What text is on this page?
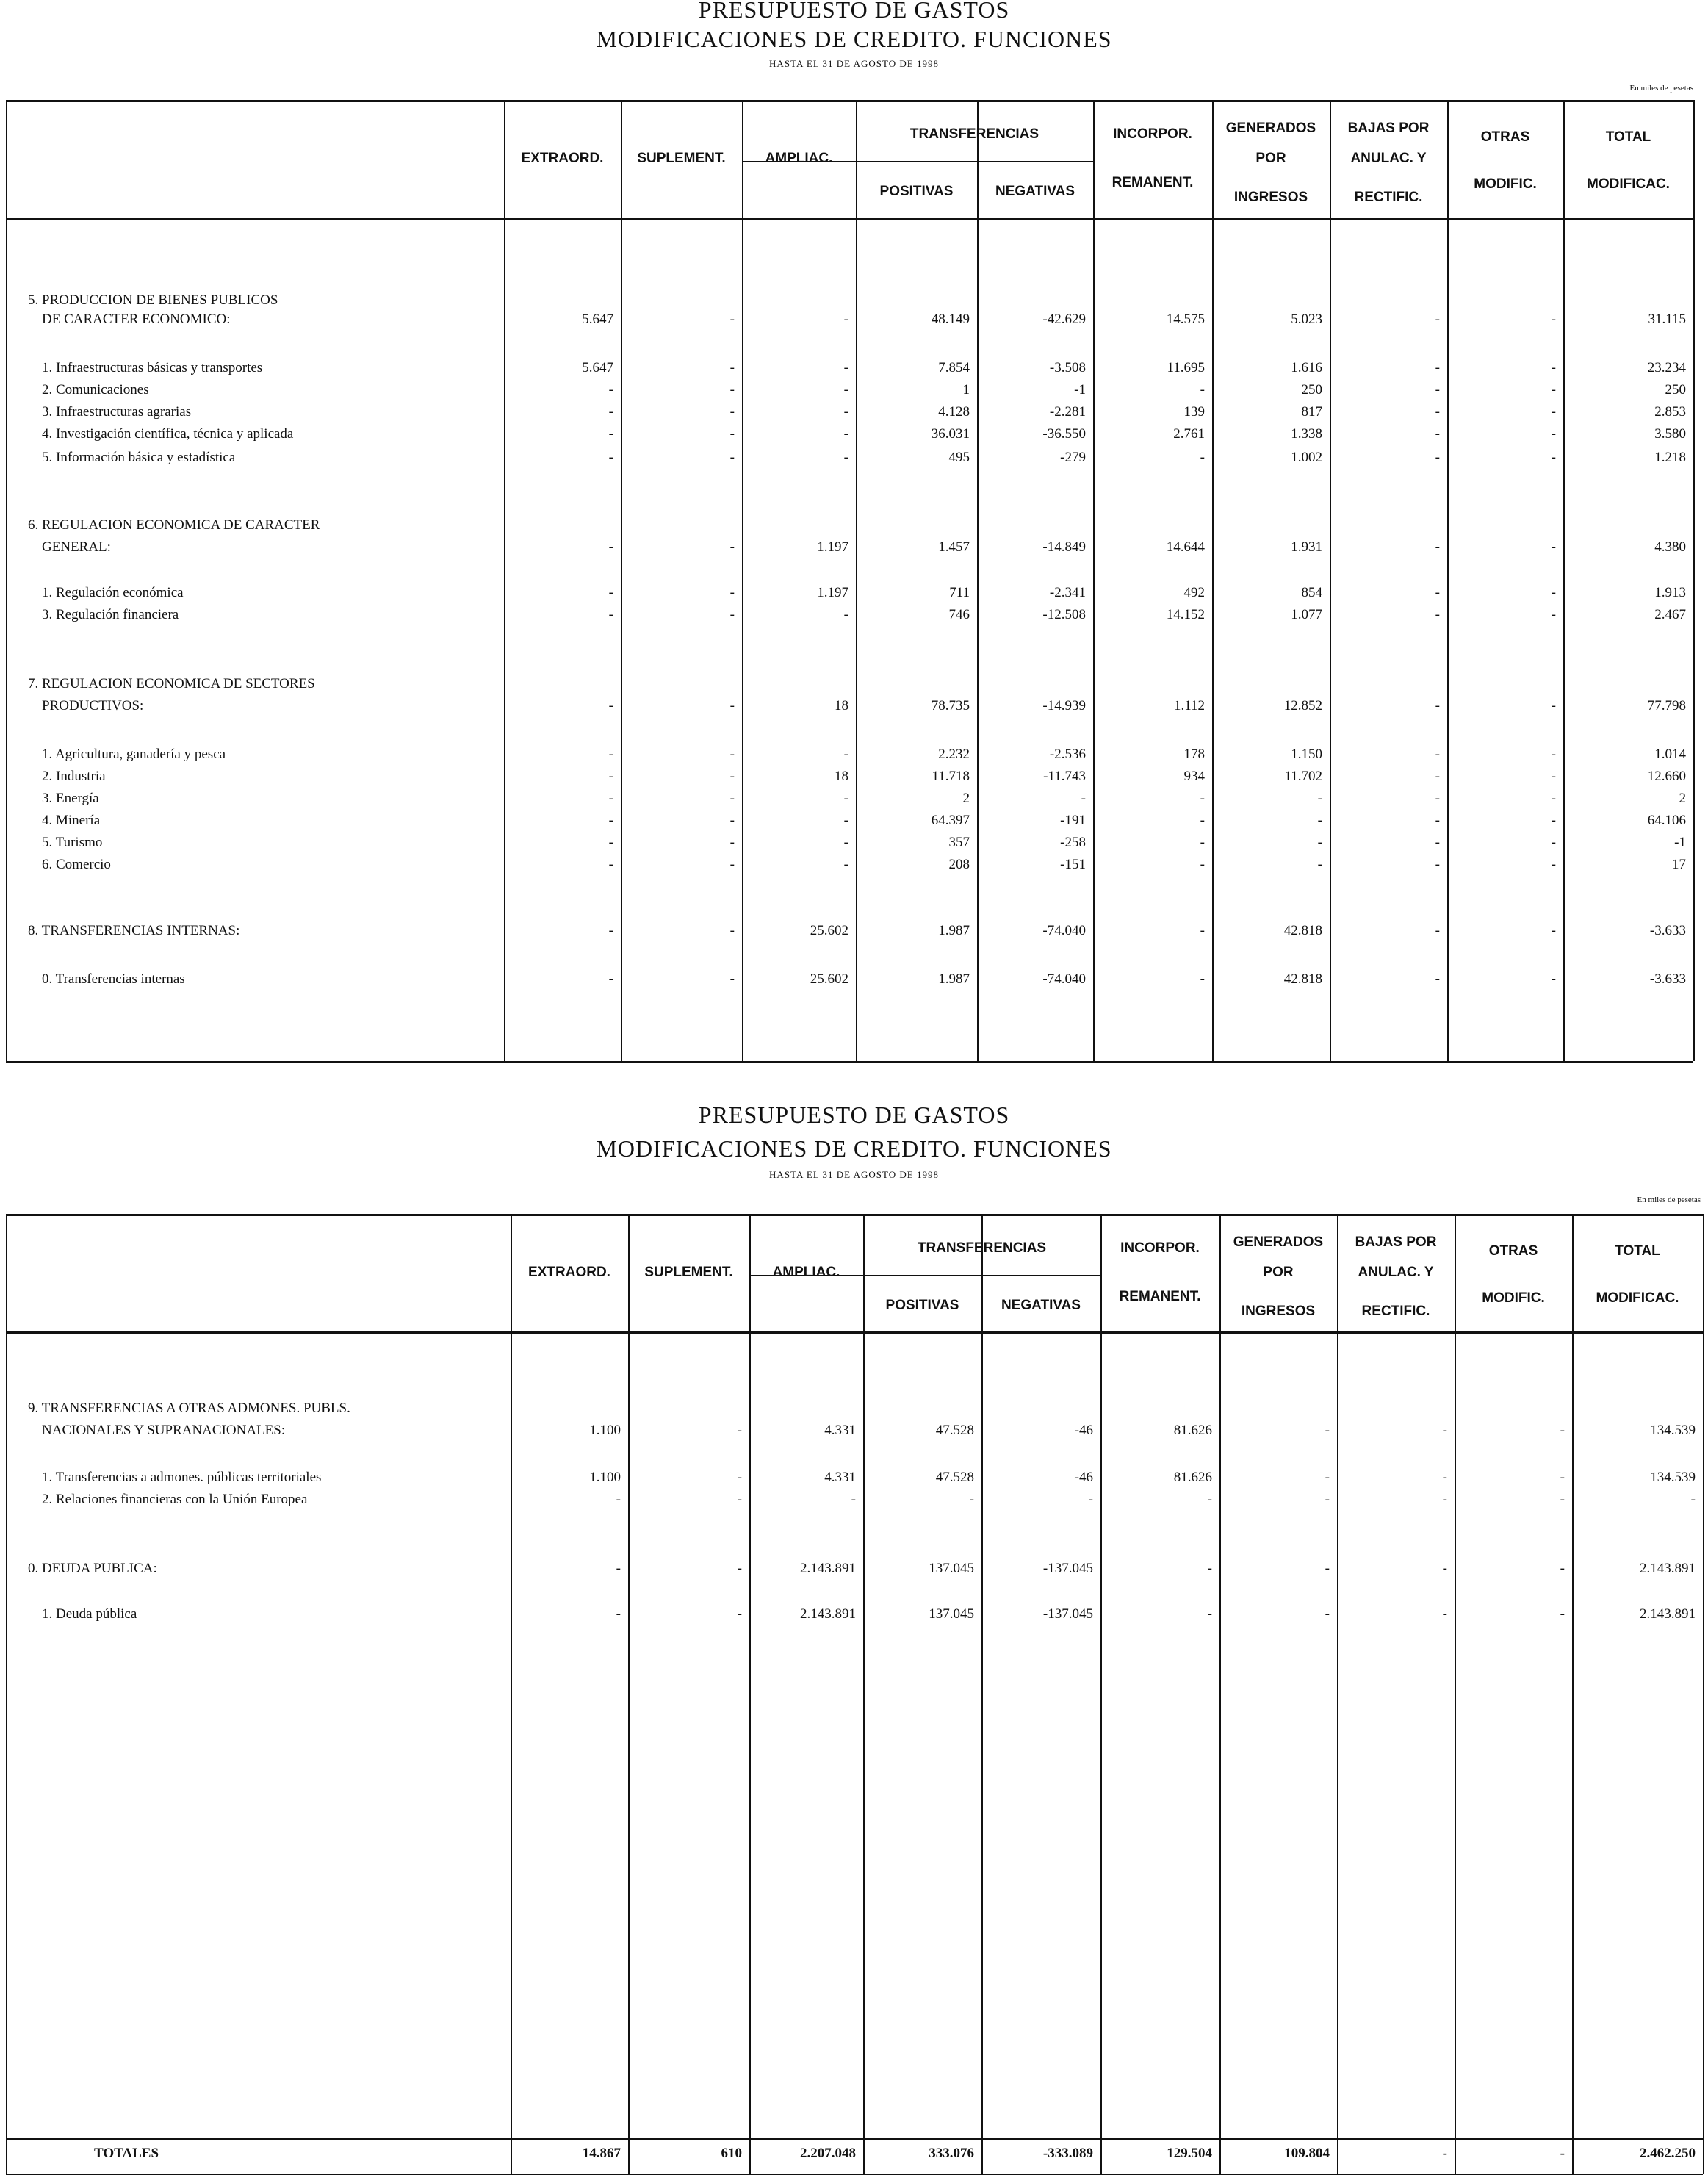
PRESUPUESTO DE GASTOS
MODIFICACIONES DE CREDITO. FUNCIONES
HASTA EL 31 DE AGOSTO DE 1998
En miles de pesetas
PRESUPUESTO DE GASTOS
MODIFICACIONES DE CREDITO. FUNCIONES
HASTA EL 31 DE AGOSTO DE 1998
En miles de pesetas
EXTRAORD.	SUPLEMENT.	AMPLIAC.
TRANSFERENCIAS
POSITIVAS	NEGATIVAS
INCORPOR.
REMANENT.
GENERADOS
POR
INGRESOS
BAJAS POR
ANULAC. Y
RECTIFIC.
OTRAS
MODIFIC.
TOTAL
MODIFICAC.
5. PRODUCCION DE BIENES PUBLICOS
DE CARACTER ECONOMICO:	5.647	-	-	48.149	-42.629	14.575	5.023	-	-	31.115
1. Infraestructuras básicas y transportes	5.647	-	-	7.854	-3.508	11.695	1.616	-	-	23.234
2. Comunicaciones	-	-	-	1	-1	-	250	-	-	250
3. Infraestructuras agrarias	-	-	-	4.128	-2.281	139	817	-	-	2.853
4. Investigación científica, técnica y aplicada	-	-	-	36.031	-36.550	2.761	1.338	-	-	3.580
5. Información básica y estadística	-	-	-	495	-279	-	1.002	-	-	1.218
6. REGULACION ECONOMICA DE CARACTER
GENERAL:	-	-	1.197	1.457	-14.849	14.644	1.931	-	-	4.380
1. Regulación económica	-	-	1.197	711	-2.341	492	854	-	-	1.913
3. Regulación financiera	-	-	-	746	-12.508	14.152	1.077	-	-	2.467
7. REGULACION ECONOMICA DE SECTORES
PRODUCTIVOS:	-	-	18	78.735	-14.939	1.112	12.852	-	-	77.798
1. Agricultura, ganadería y pesca	-	-	-	2.232	-2.536	178	1.150	-	-	1.014
2. Industria	-	-	18	11.718	-11.743	934	11.702	-	-	12.660
3. Energía	-	-	-	2	-	-	-	-	-	2
4. Minería	-	-	-	64.397	-191	-	-	-	-	64.106
5. Turismo	-	-	-	357	-258	-	-	-	-	-1
6. Comercio	-	-	-	208	-151	-	-	-	-	17
8. TRANSFERENCIAS INTERNAS:	-	-	25.602	1.987	-74.040	-	42.818	-	-	-3.633
0. Transferencias internas	-	-	25.602	1.987	-74.040	-	42.818	-	-	-3.633
EXTRAORD.	SUPLEMENT.	AMPLIAC.
TRANSFERENCIAS
POSITIVAS	NEGATIVAS
INCORPOR.
REMANENT.
GENERADOS
POR
INGRESOS
BAJAS POR
ANULAC. Y
RECTIFIC.
OTRAS
MODIFIC.
TOTAL
MODIFICAC.
9. TRANSFERENCIAS A OTRAS ADMONES. PUBLS.
NACIONALES Y SUPRANACIONALES:	1.100	-	4.331	47.528	-46	81.626	-	-	-	134.539
1. Transferencias a admones. públicas territoriales	1.100	-	4.331	47.528	-46	81.626	-	-	-	134.539
2. Relaciones financieras con la Unión Europea	-	-	-	-	-	-	-	-	-	-
0. DEUDA PUBLICA:	-	-	2.143.891	137.045	-137.045	-	-	-	-	2.143.891
1. Deuda pública	-	-	2.143.891	137.045	-137.045	-	-	-	-	2.143.891
TOTALES	14.867	610	2.207.048	333.076	-333.089	129.504	109.804	-	-	2.462.250
